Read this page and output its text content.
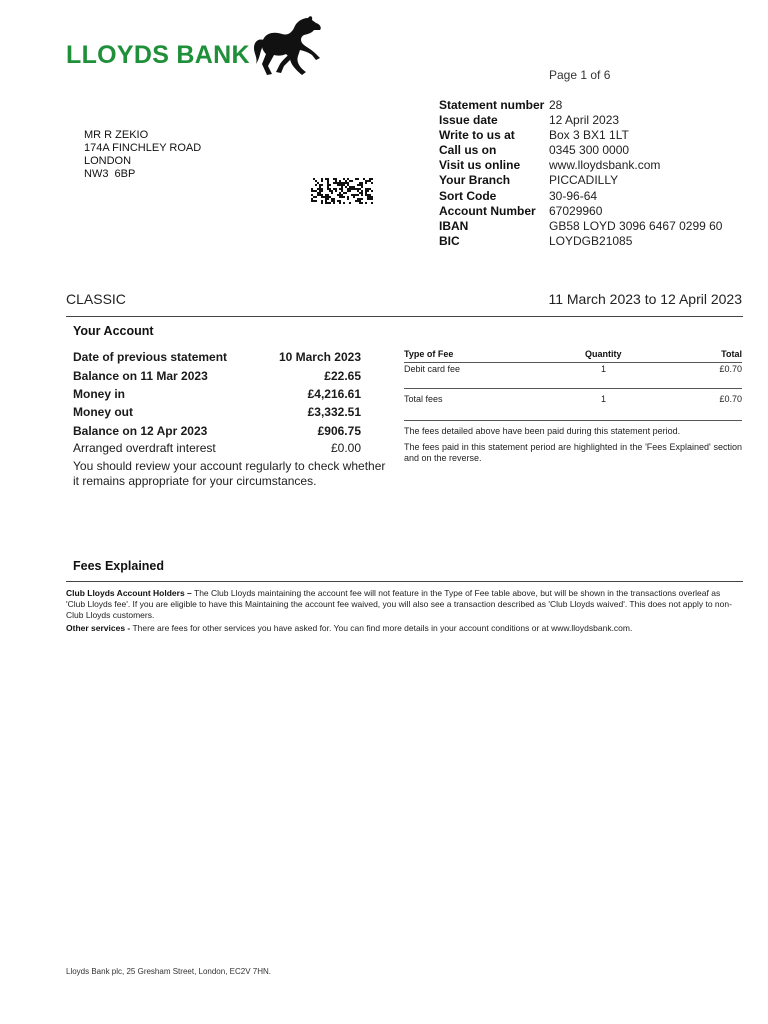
LLOYDS BANK
Page 1 of 6
MR R ZEKIO
174A FINCHLEY ROAD
LONDON
NW3  6BP
Statement number 28
Issue date	12 April 2023
Write to us at	Box 3 BX1 1LT
Call us on	0345 300 0000
Visit us online www.lloydsbank.com
Your Branch	PICCADILLY
Sort Code	30-96-64
Account Number 67029960
IBAN	GB58 LOYD 3096 6467 0299 60
BIC	LOYDGB21085
CLASSIC	11 March 2023 to 12 April 2023
Your Account
Date of previous statement	10 March 2023
Balance on 11 Mar 2023	£22.65
Money in	£4,216.61
Money out	£3,332.51
Balance on 12 Apr 2023	£906.75
Arranged overdraft interest	£0.00
You should review your account regularly to check whether it remains appropriate for your circumstances.
Type of Fee	Quantity	Total
Debit card fee	1	£0.70
Total fees	1	£0.70
The fees detailed above have been paid during this statement period.
The fees paid in this statement period are highlighted in the 'Fees Explained' section and on the reverse.
Fees Explained
Club Lloyds Account Holders – The Club Lloyds maintaining the account fee will not feature in the Type of Fee table above, but will be shown in the transactions overleaf as 'Club Lloyds fee'. If you are eligible to have this Maintaining the account fee waived, you will also see a transaction described as 'Club Lloyds waived'. This does not apply to non-Club Lloyds customers.
Other services - There are fees for other services you have asked for. You can find more details in your account conditions or at www.lloydsbank.com.
Lloyds Bank plc, 25 Gresham Street, London, EC2V 7HN.
